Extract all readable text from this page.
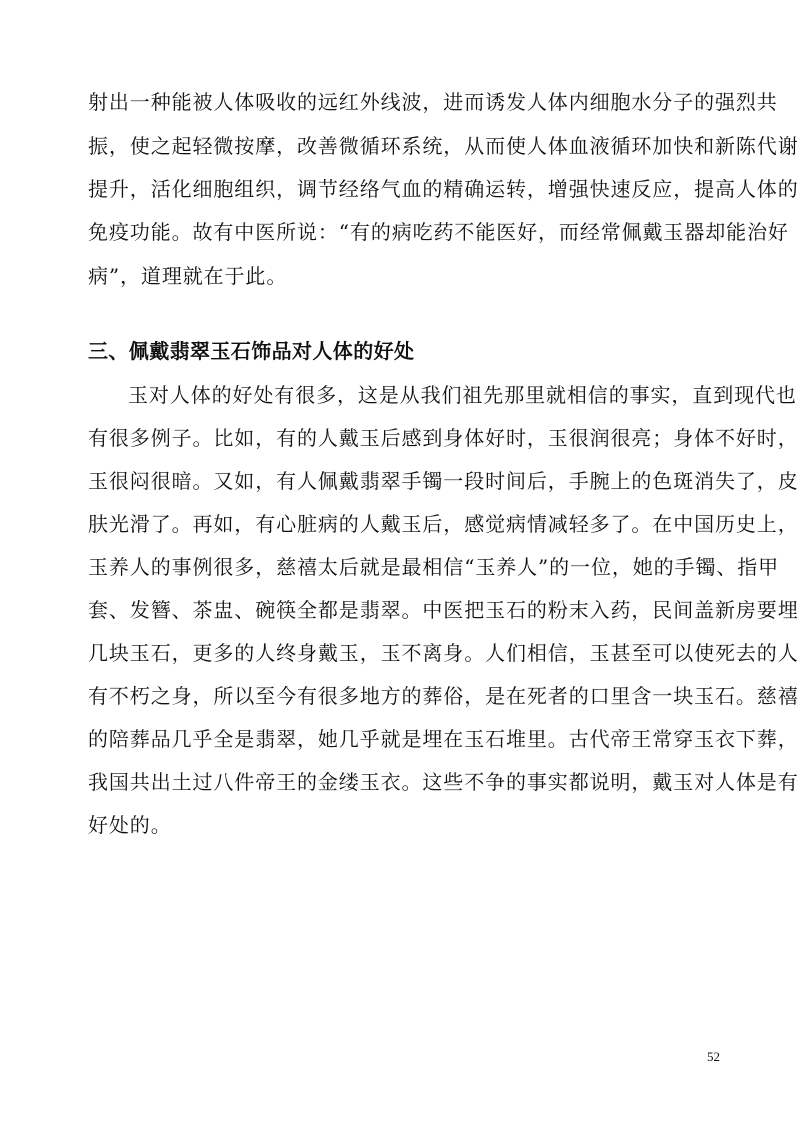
射出一种能被人体吸收的远红外线波，进而诱发人体内细胞水分子的强烈共
振，使之起轻微按摩，改善微循环系统，从而使人体血液循环加快和新陈代谢
提升，活化细胞组织，调节经络气血的精确运转，增强快速反应，提高人体的
免疫功能。故有中医所说：“有的病吃药不能医好，而经常佩戴玉器却能治好
病”，道理就在于此。
三、佩戴翡翠玉石饰品对人体的好处
玉对人体的好处有很多，这是从我们祖先那里就相信的事实，直到现代也
有很多例子。比如，有的人戴玉后感到身体好时，玉很润很亮；身体不好时，
玉很闷很暗。又如，有人佩戴翡翠手镯一段时间后，手腕上的色斑消失了，皮
肤光滑了。再如，有心脏病的人戴玉后，感觉病情减轻多了。在中国历史上，
玉养人的事例很多，慈禧太后就是最相信“玉养人”的一位，她的手镯、指甲
套、发簪、茶盅、碗筷全都是翡翠。中医把玉石的粉末入药，民间盖新房要埋
几块玉石，更多的人终身戴玉，玉不离身。人们相信，玉甚至可以使死去的人
有不朽之身，所以至今有很多地方的葬俗，是在死者的口里含一块玉石。慈禧
的陪葬品几乎全是翡翠，她几乎就是埋在玉石堆里。古代帝王常穿玉衣下葬，
我国共出土过八件帝王的金缕玉衣。这些不争的事实都说明，戴玉对人体是有
好处的。
52
